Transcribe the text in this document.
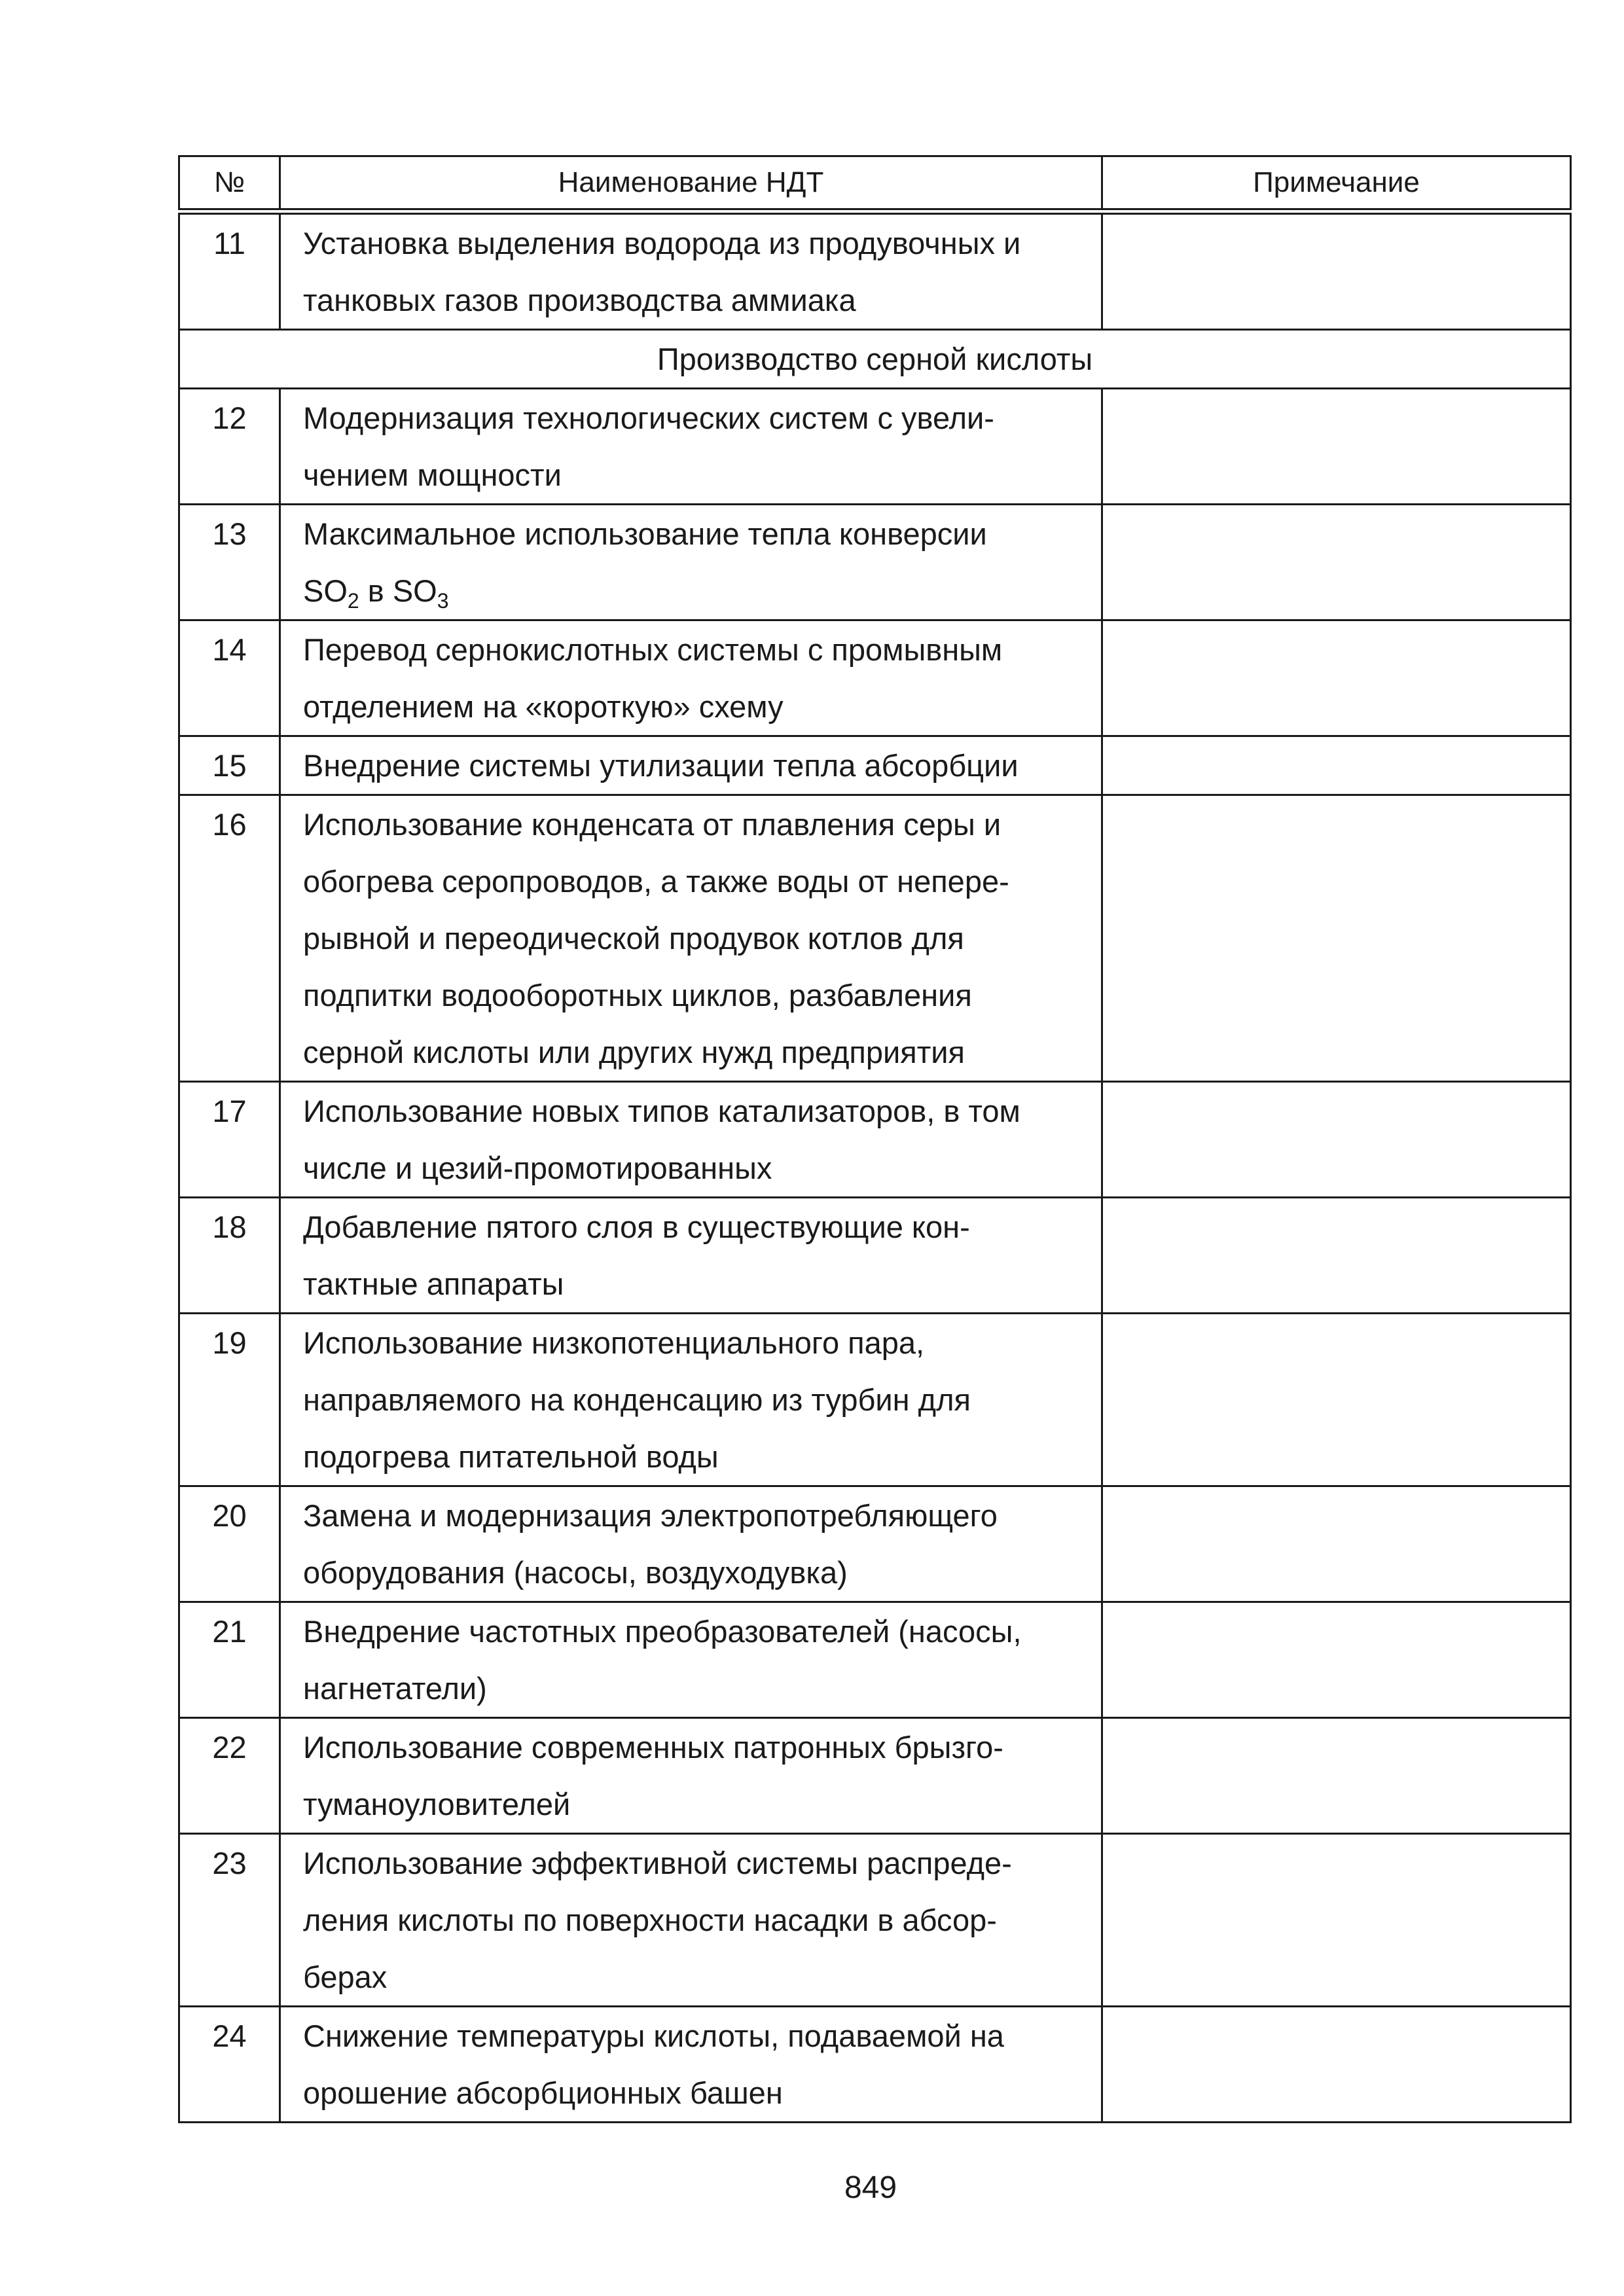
№	Наименование НДТ	Примечание
11	Установка выделения водорода из продувочных и
танковых газов производства аммиака	
Производство серной кислоты		
12	Модернизация технологических систем с увели-
чением мощности	
13	Максимальное использование тепла конверсии
$SO_2$ в $SO_3$	
14	Перевод сернокислотных системы с промывным
отделением на «короткую» схему	
15	Внедрение системы утилизации тепла абсорбции	
16	Использование конденсата от плавления серы и
обогрева серопроводов, а также воды от непере-
рывной и переодической продувок котлов для
подпитки водооборотных циклов, разбавления
серной кислоты или других нужд предприятия	
17	Использование новых типов катализаторов, в том
числе и цезий-промотированных	
18	Добавление пятого слоя в существующие кон-
тактные аппараты	
19	Использование низкопотенциального пара,
направляемого на конденсацию из турбин для
подогрева питательной воды	
20	Замена и модернизация электропотребляющего
оборудования (насосы, воздуходувка)	
21	Внедрение частотных преобразователей (насосы,
нагнетатели)	
22	Использование современных патронных брызго-
туманоуловителей	
23	Использование эффективной системы распреде-
ления кислоты по поверхности насадки в абсор-
берах	
24	Снижение температуры кислоты, подаваемой на
орошение абсорбционных башен	
849
